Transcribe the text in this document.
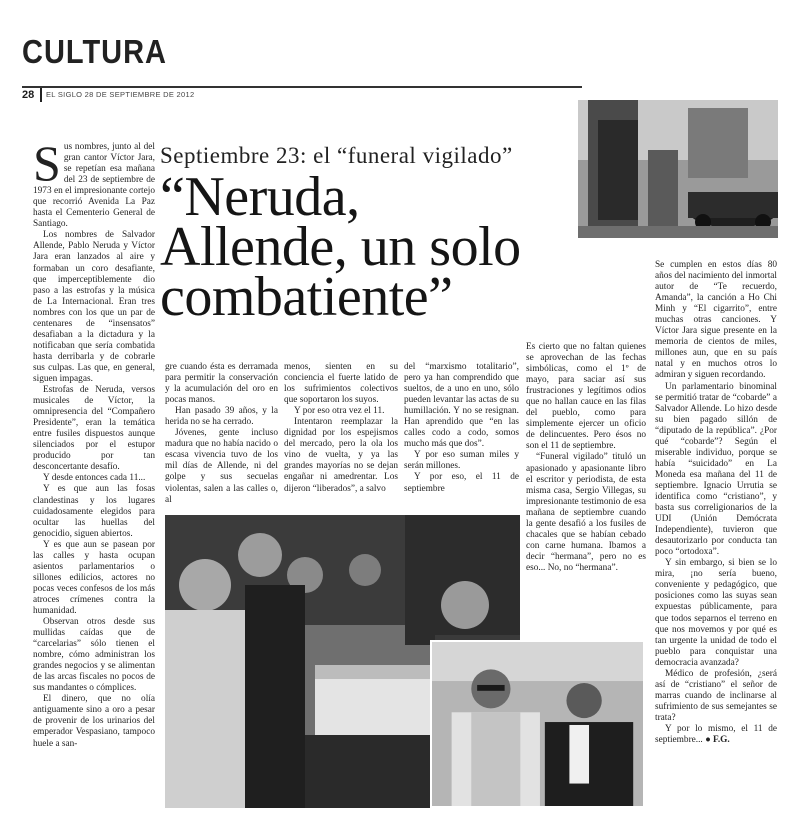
CULTURA
28 EL SIGLO 28 DE SEPTIEMBRE DE 2012
Septiembre 23: el “funeral vigilado”
“Neruda,
Allende, un solo
combatiente”
S us nombres, junto al del gran cantor Víctor Jara, se repetían esa mañana del 23 de septiembre de 1973 en el impresionante cortejo que recorrió Avenida La Paz hasta el Cementerio General de Santiago.

Los nombres de Salvador Allende, Pablo Neruda y Víctor Jara eran lanzados al aire y formaban un coro desafiante, que imperceptiblemente dio paso a las estrofas y la música de La Internacional. Eran tres nombres con los que un par de centenares de “insensatos” desafiaban a la dictadura y la notificaban que sería combatida hasta derribarla y de cobrarle sus culpas. Las que, en general, siguen impagas.

Estrofas de Neruda, versos musicales de Víctor, la omnipresencia del “Compañero Presidente”, eran la temática entre fusiles dispuestos aunque silenciados por el estupor producido por tan desconcertante desafío.

Y desde entonces cada 11...

Y es que aun las fosas clandestinas y los lugares cuidadosamente elegidos para ocultar las huellas del genocidio, siguen abiertos.

Y es que aun se pasean por las calles y hasta ocupan asientos parlamentarios o sillones edilicios, actores no pocas veces confesos de los más atroces crímenes contra la humanidad.

Observan otros desde sus mullidas caídas que de “carcelarias” sólo tienen el nombre, cómo administran los grandes negocios y se alimentan de las arcas fiscales no pocos de sus mandantes o cómplices.

El dinero, que no olía antiguamente sino a oro a pesar de provenir de los urinarios del emperador Vespasiano, tampoco huele a san-

gre cuando ésta es derramada para permitir la conservación y la acumulación del oro en pocas manos.

Han pasado 39 años, y la herida no se ha cerrado.

Jóvenes, gente incluso madura que no había nacido o escasa vivencia tuvo de los mil días de Allende, ni del golpe y sus secuelas violentas, salen a las calles o, al

menos, sienten en su conciencia el fuerte latido de los sufrimientos colectivos que soportaron los suyos.

Y por eso otra vez el 11.

Intentaron reemplazar la dignidad por los espejismos del mercado, pero la ola los vino de vuelta, y ya las grandes mayorías no se dejan engañar ni amedrentar. Los dijeron “liberados”, a salvo

del “marxismo totalitario”, pero ya han comprendido que sueltos, de a uno en uno, sólo pueden levantar las actas de su humillación. Y no se resignan. Han aprendido que “en las calles codo a codo, somos mucho más que dos”.

Y por eso suman miles y serán millones.

Y por eso, el 11 de septiembre

Es cierto que no faltan quienes se aprovechan de las fechas simbólicas, como el 1º de mayo, para saciar así sus frustraciones y legítimos odios que no hallan cauce en las filas del pueblo, como para simplemente ejercer un oficio de delincuentes. Pero ésos no son el 11 de septiembre.

“Funeral vigilado” tituló un apasionado y apasionante libro el escritor y periodista, de esta misma casa, Sergio Villegas, su impresionante testimonio de esa mañana de septiembre cuando la gente desafió a los fusiles de chacales que se habían cebado con carne humana. Ibamos a decir “hermana”, pero no es eso... No, no “hermana”.

Se cumplen en estos días 80 años del nacimiento del inmortal autor de “Te recuerdo, Amanda”, la canción a Ho Chi Minh y “El cigarrito”, entre muchas otras canciones. Y Víctor Jara sigue presente en la memoria de cientos de miles, millones aun, que en su país natal y en muchos otros lo admiran y siguen recordando.

Un parlamentario binominal se permitió tratar de “cobarde” a Salvador Allende. Lo hizo desde su bien pagado sillón de “diputado de la república”. ¿Por qué “cobarde”? Según el miserable individuo, porque se había “suicidado” en La Moneda esa mañana del 11 de septiembre. Ignacio Urrutia se identifica como “cristiano”, y basta sus correligionarios de la UDI (Unión Demócrata Independiente), tuvieron que desautorizarlo por conducta tan poco “ortodoxa”.

Y sin embargo, si bien se lo mira, ¡no sería bueno, conveniente y pedagógico, que posiciones como las suyas sean expuestas públicamente, para que todos separnos el terreno en que nos movemos y por qué es tan urgente la unidad de todo el pueblo para conquistar una democracia avanzada?

Médico de profesión, ¿será así de “cristiano” el señor de marras cuando de inclinarse al sufrimiento de sus semejantes se trata?

Y por lo mismo, el 11 de septiembre... ● F.G.
